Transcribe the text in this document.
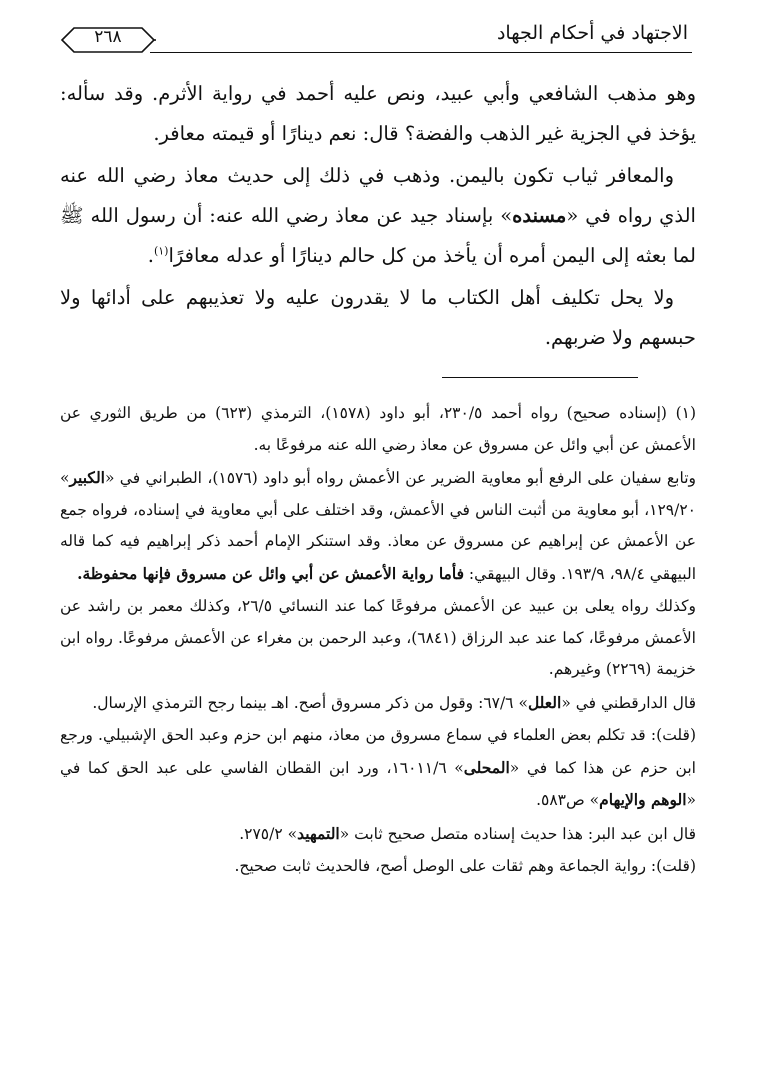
الاجتهاد في أحكام الجهاد
٢٦٨

وهو مذهب الشافعي وأبي عبيد، ونص عليه أحمد في رواية الأثرم. وقد سأله: يؤخذ في الجزية غير الذهب والفضة؟ قال: نعم دينارًا أو قيمته معافر.

والمعافر ثياب تكون باليمن. وذهب في ذلك إلى حديث معاذ رضي الله عنه الذي رواه في «مسنده» بإسناد جيد عن معاذ رضي الله عنه: أن رسول الله ﷺ لما بعثه إلى اليمن أمره أن يأخذ من كل حالم دينارًا أو عدله معافرًا$^{(١)}$.

ولا يحل تكليف أهل الكتاب ما لا يقدرون عليه ولا تعذيبهم على أدائها ولا حبسهم ولا ضربهم.

(١) (إسناده صحيح) رواه أحمد ٢٣٠/٥، أبو داود (١٥٧٨)، الترمذي (٦٢٣) من طريق الثوري عن الأعمش عن أبي وائل عن مسروق عن معاذ رضي الله عنه مرفوعًا به.

وتابع سفيان على الرفع أبو معاوية الضرير عن الأعمش رواه أبو داود (١٥٧٦)، الطبراني في «الكبير» ١٢٩/٢٠، أبو معاوية من أثبت الناس في الأعمش، وقد اختلف على أبي معاوية في إسناده، فرواه جمع عن الأعمش عن إبراهيم عن مسروق عن معاذ. وقد استنكر الإمام أحمد ذكر إبراهيم فيه كما قاله البيهقي ٩٨/٤، ١٩٣/٩. وقال البيهقي: فأما رواية الأعمش عن أبي وائل عن مسروق فإنها محفوظة.

وكذلك رواه يعلى بن عبيد عن الأعمش مرفوعًا كما عند النسائي ٢٦/٥، وكذلك معمر بن راشد عن الأعمش مرفوعًا، كما عند عبد الرزاق (٦٨٤١)، وعبد الرحمن بن مغراء عن الأعمش مرفوعًا. رواه ابن خزيمة (٢٢٦٩) وغيرهم.

قال الدارقطني في «العلل» ٦٧/٦: وقول من ذكر مسروق أصح. اهـ بينما رجح الترمذي الإرسال.

(قلت): قد تكلم بعض العلماء في سماع مسروق من معاذ، منهم ابن حزم وعبد الحق الإشبيلي. ورجع ابن حزم عن هذا كما في «المحلى» ١٦٠١١/٦، ورد ابن القطان الفاسي على عبد الحق كما في «الوهم والإيهام» ص٥٨٣.

قال ابن عبد البر: هذا حديث إسناده متصل صحيح ثابت «التمهيد» ٢٧٥/٢.

(قلت): رواية الجماعة وهم ثقات على الوصل أصح، فالحديث ثابت صحيح.
